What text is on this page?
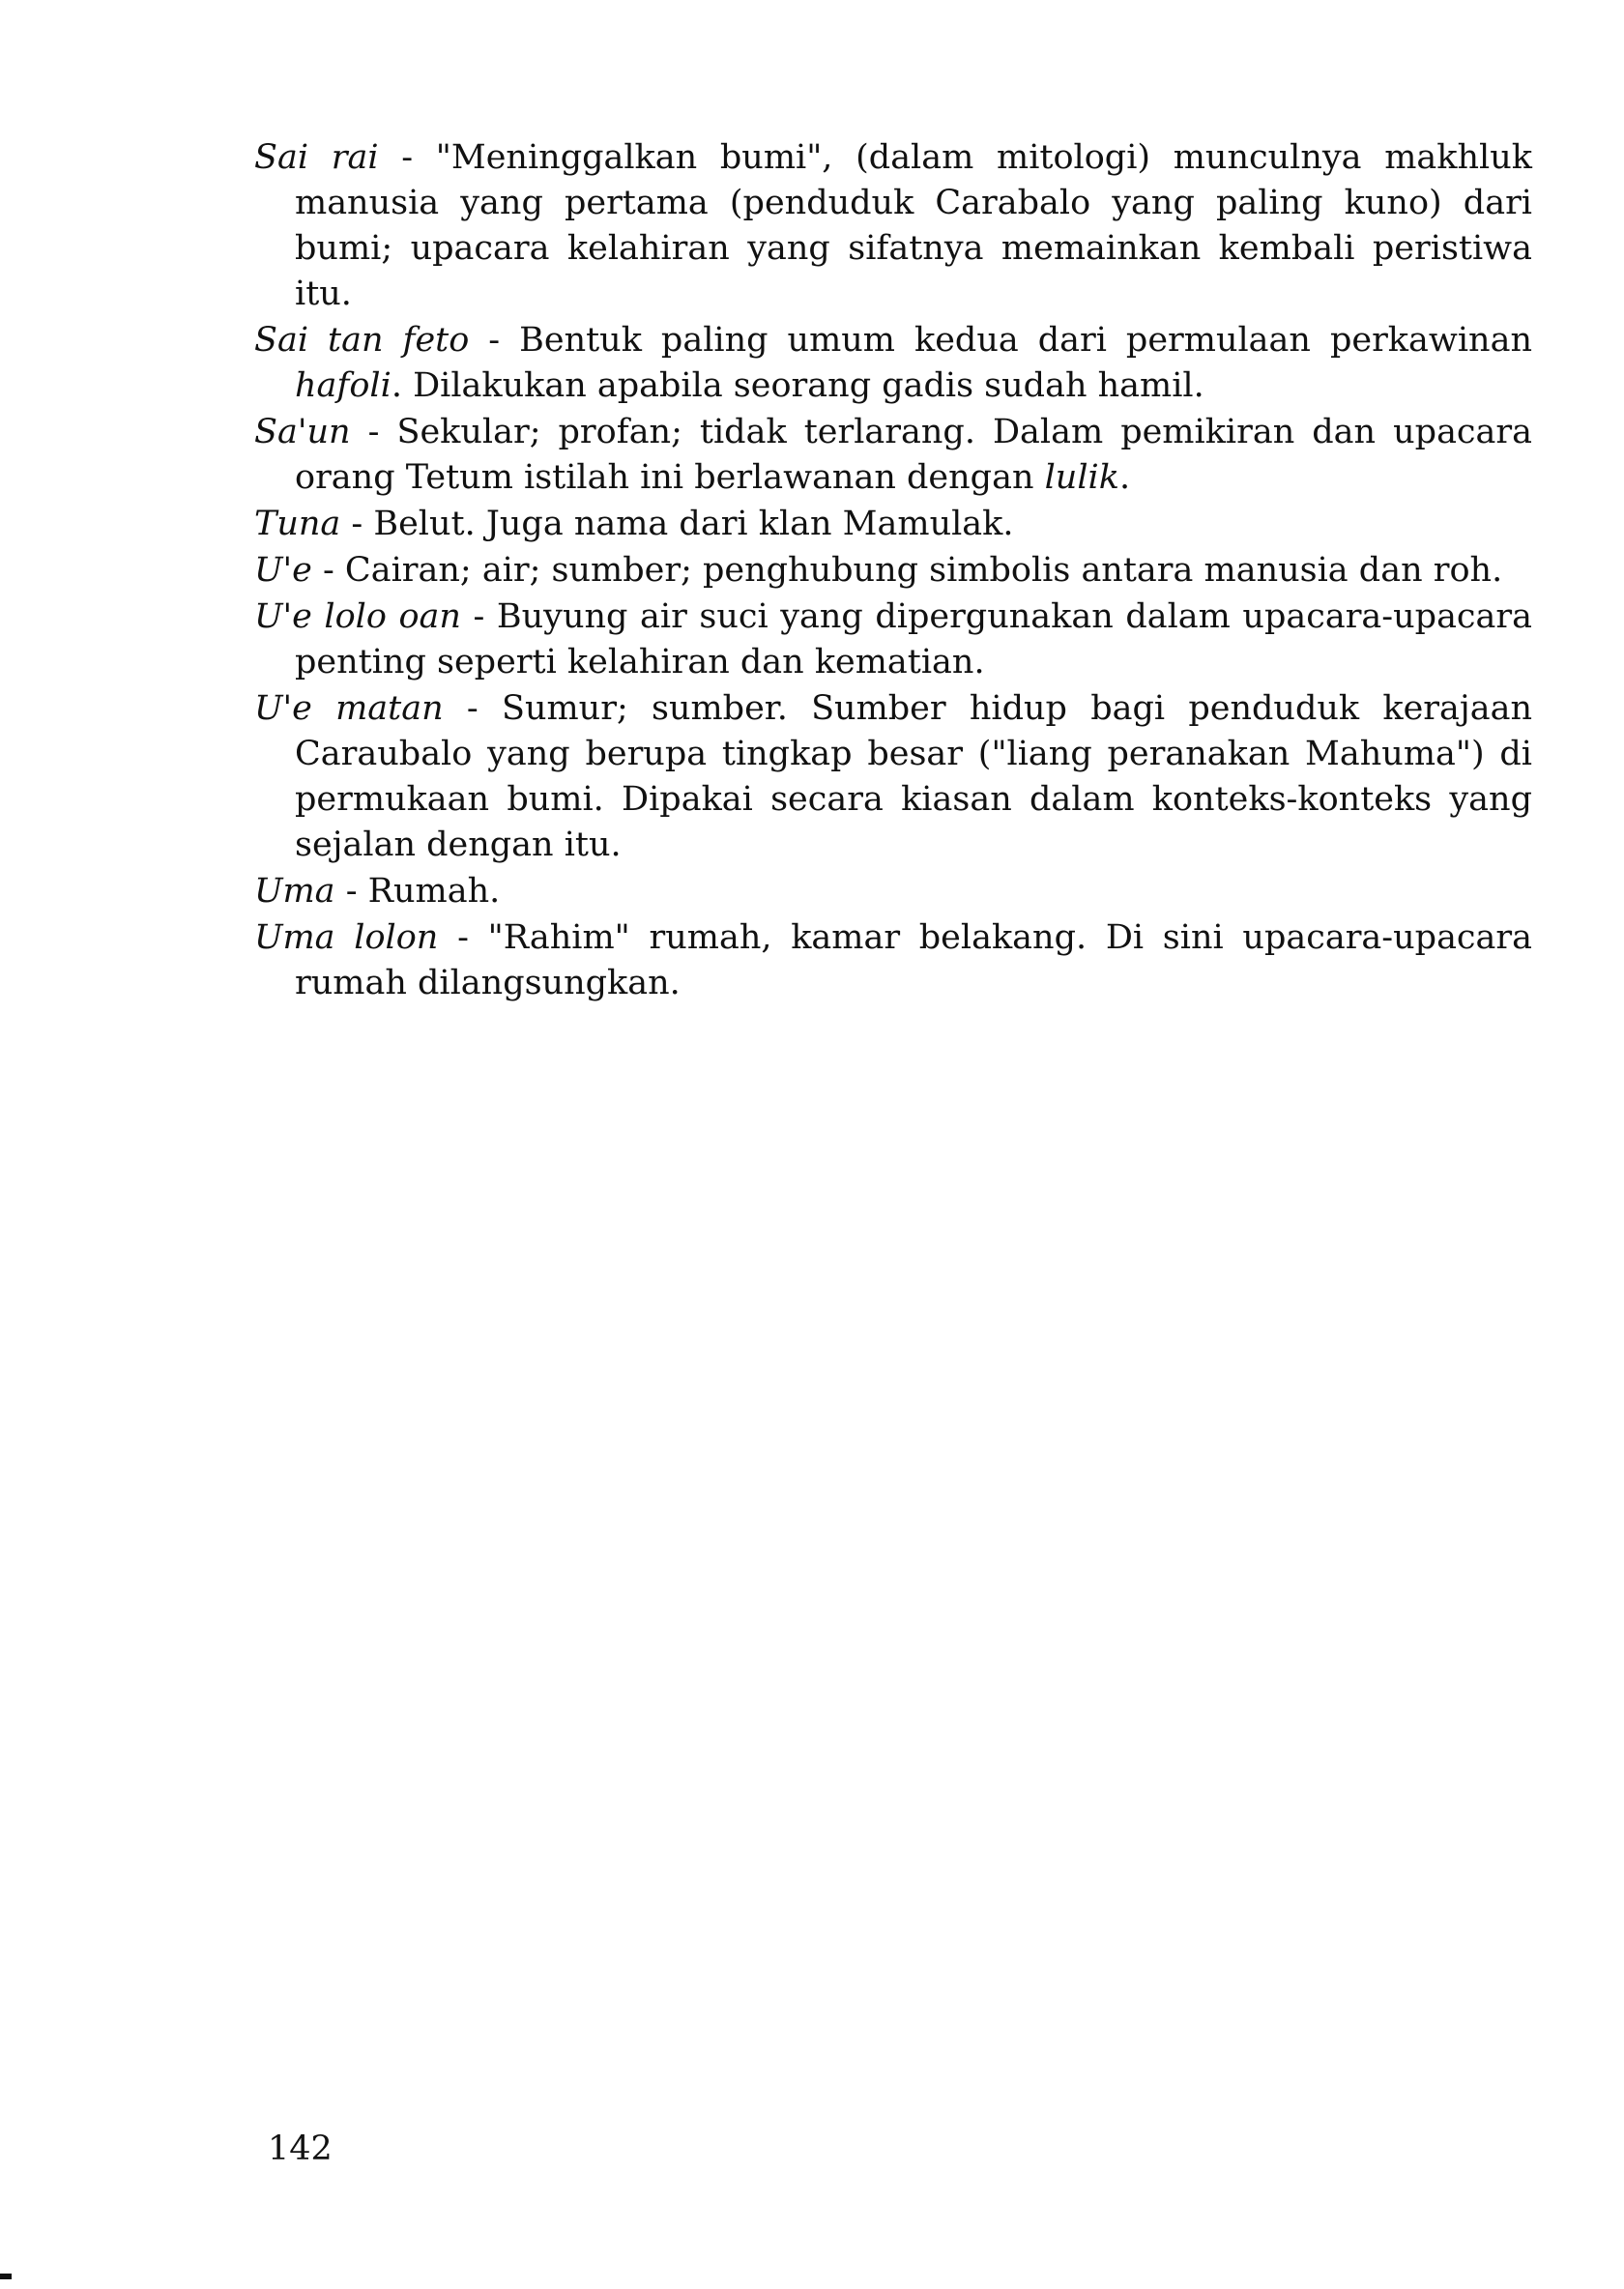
Sai rai - "Meninggalkan bumi", (dalam mitologi) munculnya makhluk manusia yang pertama (penduduk Carabalo yang paling kuno) dari bumi; upacara kelahiran yang sifatnya memainkan kembali peristiwa itu.

Sai tan feto - Bentuk paling umum kedua dari permulaan perkawinan hafoli. Dilakukan apabila seorang gadis sudah hamil.

Sa'un - Sekular; profan; tidak terlarang. Dalam pemikiran dan upacara orang Tetum istilah ini berlawanan dengan lulik.

Tuna - Belut. Juga nama dari klan Mamulak.

U'e - Cairan; air; sumber; penghubung simbolis antara manusia dan roh.

U'e lolo oan - Buyung air suci yang dipergunakan dalam upacara-upacara penting seperti kelahiran dan kematian.

U'e matan - Sumur; sumber. Sumber hidup bagi penduduk kerajaan Caraubalo yang berupa tingkap besar ("liang peranakan Mahuma") di permukaan bumi. Dipakai secara kiasan dalam konteks-konteks yang sejalan dengan itu.

Uma - Rumah.

Uma lolon - "Rahim" rumah, kamar belakang. Di sini upacara-upacara rumah dilangsungkan.

142
